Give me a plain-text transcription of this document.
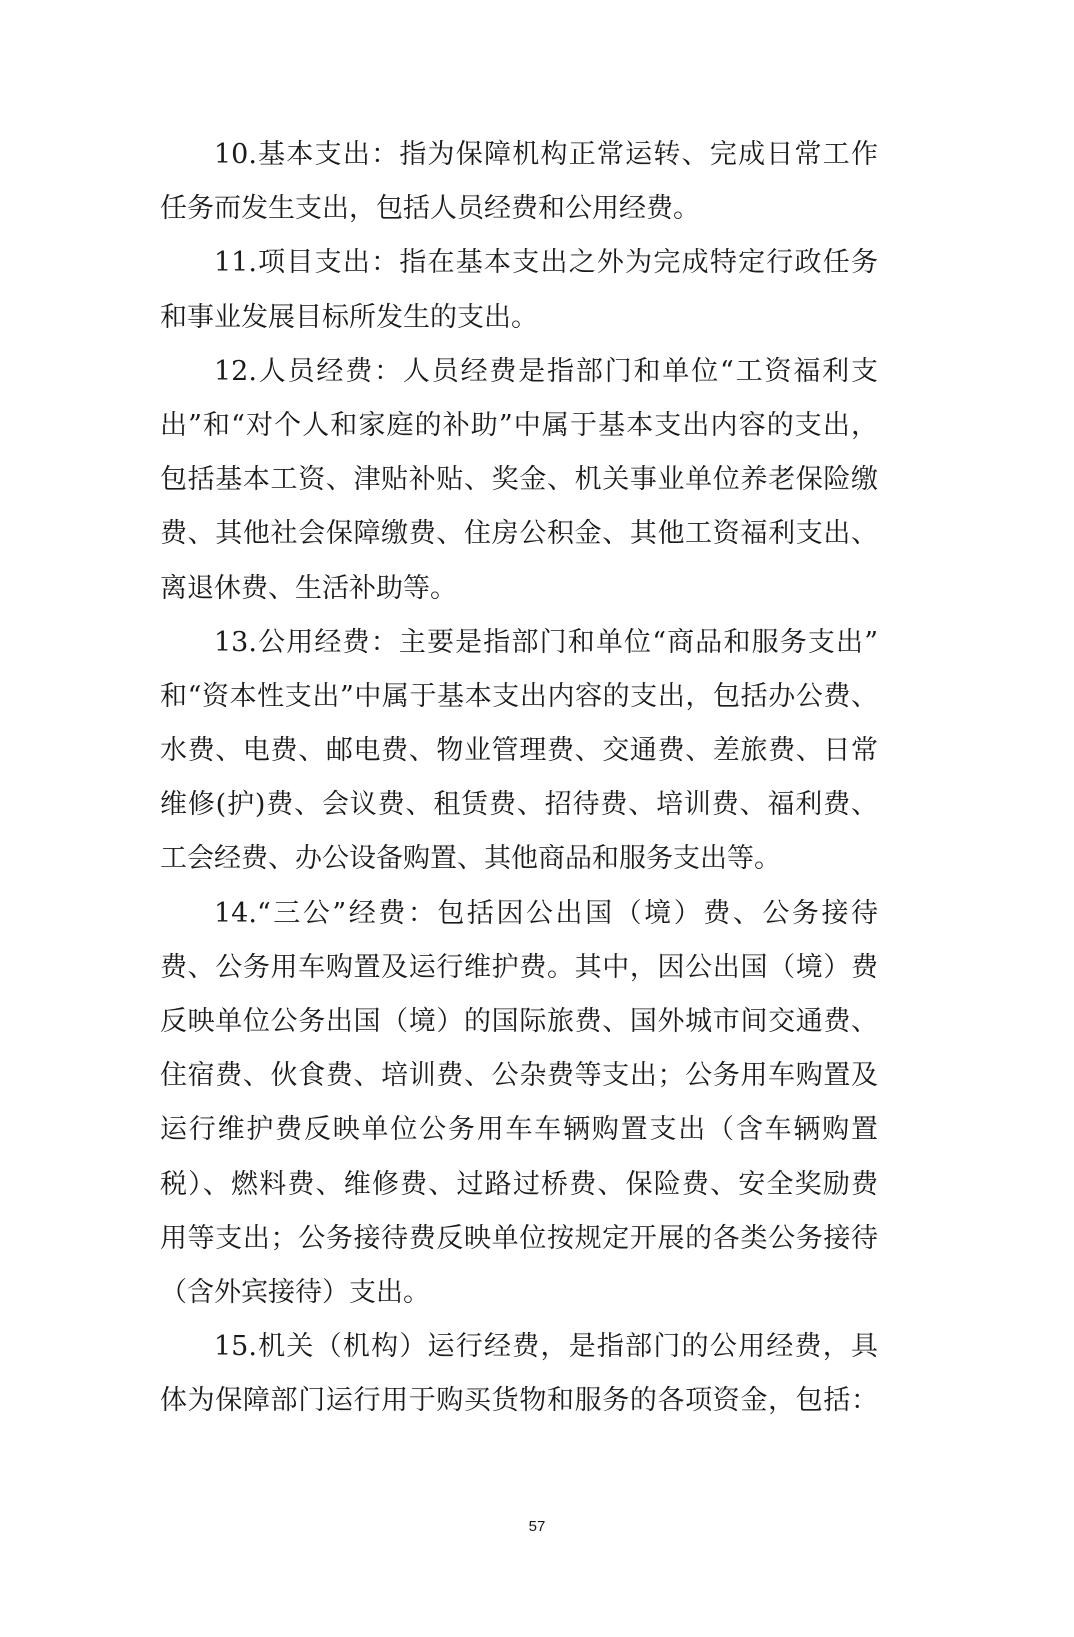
10.基本支出：指为保障机构正常运转、完成日常工作
任务而发生支出，包括人员经费和公用经费。
11.项目支出：指在基本支出之外为完成特定行政任务
和事业发展目标所发生的支出。
12.人员经费：人员经费是指部门和单位“工资福利支
出”和“对个人和家庭的补助”中属于基本支出内容的支出，
包括基本工资、津贴补贴、奖金、机关事业单位养老保险缴
费、其他社会保障缴费、住房公积金、其他工资福利支出、
离退休费、生活补助等。
13.公用经费：主要是指部门和单位“商品和服务支出”
和“资本性支出”中属于基本支出内容的支出，包括办公费、
水费、电费、邮电费、物业管理费、交通费、差旅费、日常
维修(护)费、会议费、租赁费、招待费、培训费、福利费、
工会经费、办公设备购置、其他商品和服务支出等。
14.“三公”经费：包括因公出国（境）费、公务接待
费、公务用车购置及运行维护费。其中，因公出国（境）费
反映单位公务出国（境）的国际旅费、国外城市间交通费、
住宿费、伙食费、培训费、公杂费等支出；公务用车购置及
运行维护费反映单位公务用车车辆购置支出（含车辆购置
税）、燃料费、维修费、过路过桥费、保险费、安全奖励费
用等支出；公务接待费反映单位按规定开展的各类公务接待
（含外宾接待）支出。
15.机关（机构）运行经费，是指部门的公用经费，具
体为保障部门运行用于购买货物和服务的各项资金，包括：
57
